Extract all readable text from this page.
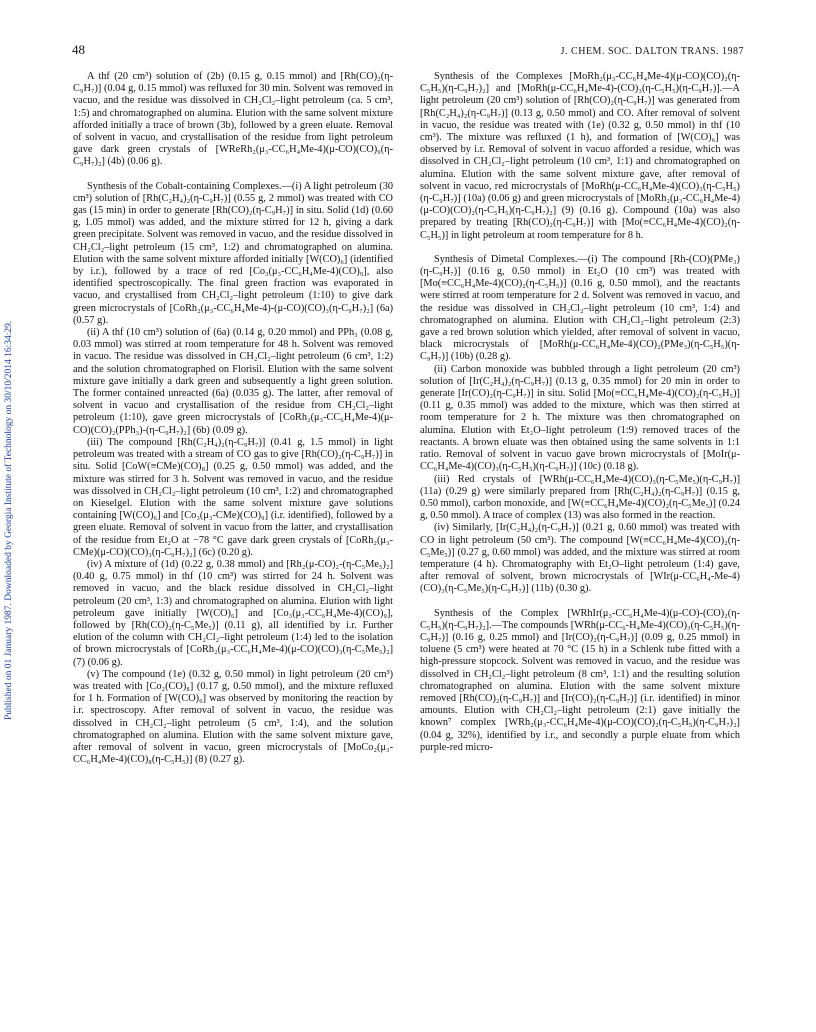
48	J. CHEM. SOC. DALTON TRANS. 1987
Published on 01 January 1987. Downloaded by Georgia Institute of Technology on 30/10/2014 16:34:29.

A thf (20 cm³) solution of (2b) (0.15 g, 0.15 mmol) and [Rh(CO)₂(η-C₉H₇)] (0.04 g, 0.15 mmol) was refluxed for 30 min. Solvent was removed in vacuo, and the residue was dissolved in CH₂Cl₂–light petroleum (ca. 5 cm³, 1:5) and chromatographed on alumina. Elution with the same solvent mixture afforded initially a trace of brown (3b), followed by a green eluate. Removal of solvent in vacuo, and crystallisation of the residue from light petroleum gave dark green crystals of [WReRh₂(μ₃-CC₆H₄Me-4)(μ-CO)(CO)₉(η-C₉H₇)₂] (4b) (0.06 g).

Synthesis of the Cobalt-containing Complexes.—(i) A light petroleum (30 cm³) solution of [Rh(C₂H₄)₂(η-C₉H₇)] (0.55 g, 2 mmol) was treated with CO gas (15 min) in order to generate [Rh(CO)₂(η-C₉H₇)] in situ. Solid (1d) (0.60 g, 1.05 mmol) was added, and the mixture stirred for 12 h, giving a dark green precipitate. Solvent was removed in vacuo, and the residue dissolved in CH₂Cl₂–light petroleum (15 cm³, 1:2) and chromatographed on alumina. Elution with the same solvent mixture afforded initially [W(CO)₆] (identified by i.r.), followed by a trace of red [Co₃(μ₃-CC₆H₄Me-4)(CO)₉], also identified spectroscopically. The final green fraction was evaporated in vacuo, and crystallised from CH₂Cl₂–light petroleum (1:10) to give dark green microcrystals of [CoRh₂(μ₃-CC₆H₄Me-4)-(μ-CO)(CO)₃(η-C₉H₇)₂] (6a) (0.57 g).

(ii) A thf (10 cm³) solution of (6a) (0.14 g, 0.20 mmol) and PPh₃ (0.08 g, 0.03 mmol) was stirred at room temperature for 48 h. Solvent was removed in vacuo. The residue was dissolved in CH₂Cl₂–light petroleum (6 cm³, 1:2) and the solution chromatographed on Florisil. Elution with the same solvent mixture gave initially a dark green and subsequently a light green solution. The former contained unreacted (6a) (0.035 g). The latter, after removal of solvent in vacuo and crystallisation of the residue from CH₂Cl₂–light petroleum (1:10), gave green microcrystals of [CoRh₂(μ₃-CC₆H₄Me-4)(μ-CO)(CO)₂(PPh₃)-(η-C₉H₇)₂] (6b) (0.09 g).

(iii) The compound [Rh(C₂H₄)₂(η-C₉H₇)] (0.41 g, 1.5 mmol) in light petroleum was treated with a stream of CO gas to give [Rh(CO)₂(η-C₉H₇)] in situ. Solid [CoW(≡CMe)(CO)₈] (0.25 g, 0.50 mmol) was added, and the mixture was stirred for 3 h. Solvent was removed in vacuo, and the residue was dissolved in CH₂Cl₂–light petroleum (10 cm³, 1:2) and chromatographed on Kieselgel. Elution with the same solvent mixture gave solutions containing [W(CO)₆] and [Co₃(μ₃-CMe)(CO)₉] (i.r. identified), followed by a green eluate. Removal of solvent in vacuo from the latter, and crystallisation of the residue from Et₂O at −78 °C gave dark green crystals of [CoRh₂(μ₃-CMe)(μ-CO)(CO)₃(η-C₉H₇)₂] (6c) (0.20 g).

(iv) A mixture of (1d) (0.22 g, 0.38 mmol) and [Rh₂(μ-CO)₂-(η-C₅Me₅)₂] (0.40 g, 0.75 mmol) in thf (10 cm³) was stirred for 24 h. Solvent was removed in vacuo, and the black residue dissolved in CH₂Cl₂–light petroleum (20 cm³, 1:3) and chromatographed on alumina. Elution with light petroleum gave initially [W(CO)₆] and [Co₃(μ₃-CC₆H₄Me-4)(CO)₉], followed by [Rh(CO)₂(η-C₅Me₅)] (0.11 g), all identified by i.r. Further elution of the column with CH₂Cl₂–light petroleum (1:4) led to the isolation of brown microcrystals of [CoRh₂(μ₃-CC₆H₄Me-4)(μ-CO)(CO)₃(η-C₅Me₅)₂] (7) (0.06 g).

(v) The compound (1e) (0.32 g, 0.50 mmol) in light petroleum (20 cm³) was treated with [Co₂(CO)₈] (0.17 g, 0.50 mmol), and the mixture refluxed for 1 h. Formation of [W(CO)₆] was observed by monitoring the reaction by i.r. spectroscopy. After removal of solvent in vacuo, the residue was dissolved in CH₂Cl₂–light petroleum (5 cm³, 1:4), and the solution chromatographed on alumina. Elution with the same solvent mixture gave, after removal of solvent in vacuo, green microcrystals of [MoCo₂(μ₃-CC₆H₄Me-4)(CO)₈(η-C₅H₅)] (8) (0.27 g).

Synthesis of the Complexes [MoRh₂(μ₃-CC₆H₄Me-4)(μ-CO)(CO)₂(η-C₅H₅)(η-C₉H₇)₂] and [MoRh(μ-CC₆H₄Me-4)-(CO)₃(η-C₅H₅)(η-C₉H₇)].—A light petroleum (20 cm³) solution of [Rh(CO)₂(η-C₉H₇)] was generated from [Rh(C₂H₄)₂(η-C₉H₇)] (0.13 g, 0.50 mmol) and CO. After removal of solvent in vacuo, the residue was treated with (1e) (0.32 g, 0.50 mmol) in thf (10 cm³). The mixture was refluxed (1 h), and formation of [W(CO)₆] was observed by i.r. Removal of solvent in vacuo afforded a residue, which was dissolved in CH₂Cl₂–light petroleum (10 cm³, 1:1) and chromatographed on alumina. Elution with the same solvent mixture gave, after removal of solvent in vacuo, red microcrystals of [MoRh(μ-CC₆H₄Me-4)(CO)₃(η-C₅H₅)(η-C₉H₇)] (10a) (0.06 g) and green microcrystals of [MoRh₂(μ₃-CC₆H₄Me-4)(μ-CO)(CO)₂(η-C₅H₅)(η-C₉H₇)₂] (9) (0.16 g). Compound (10a) was also prepared by treating [Rh(CO)₂(η-C₉H₇)] with [Mo(≡CC₆H₄Me-4)(CO)₂(η-C₅H₅)] in light petroleum at room temperature for 8 h.

Synthesis of Dimetal Complexes.—(i) The compound [Rh-(CO)(PMe₃)(η-C₉H₇)] (0.16 g, 0.50 mmol) in Et₂O (10 cm³) was treated with [Mo(≡CC₆H₄Me-4)(CO)₂(η-C₅H₅)] (0.16 g, 0.50 mmol), and the reactants were stirred at room temperature for 2 d. Solvent was removed in vacuo, and the residue was dissolved in CH₂Cl₂–light petroleum (10 cm³, 1:4) and chromatographed on alumina. Elution with CH₂Cl₂–light petroleum (2:3) gave a red brown solution which yielded, after removal of solvent in vacuo, black microcrystals of [MoRh(μ-CC₆H₄Me-4)(CO)₂(PMe₃)(η-C₅H₅)(η-C₉H₇)] (10b) (0.28 g).

(ii) Carbon monoxide was bubbled through a light petroleum (20 cm³) solution of [Ir(C₂H₄)₂(η-C₉H₇)] (0.13 g, 0.35 mmol) for 20 min in order to generate [Ir(CO)₂(η-C₉H₇)] in situ. Solid [Mo(≡CC₆H₄Me-4)(CO)₂(η-C₅H₅)] (0.11 g, 0.35 mmol) was added to the mixture, which was then stirred at room temperature for 2 h. The mixture was then chromatographed on alumina. Elution with Et₂O–light petroleum (1:9) removed traces of the reactants. A brown eluate was then obtained using the same solvents in 1:1 ratio. Removal of solvent in vacuo gave brown microcrystals of [MoIr(μ-CC₆H₄Me-4)(CO)₃(η-C₅H₅)(η-C₉H₇)] (10c) (0.18 g).

(iii) Red crystals of [WRh(μ-CC₆H₄Me-4)(CO)₃(η-C₅Me₅)(η-C₉H₇)] (11a) (0.29 g) were similarly prepared from [Rh(C₂H₄)₂(η-C₉H₇)] (0.15 g, 0.50 mmol), carbon monoxide, and [W(≡CC₆H₄Me-4)(CO)₂(η-C₅Me₅)] (0.24 g, 0.50 mmol). A trace of complex (13) was also formed in the reaction.

(iv) Similarly, [Ir(C₂H₄)₂(η-C₉H₇)] (0.21 g, 0.60 mmol) was treated with CO in light petroleum (50 cm³). The compound [W(≡CC₆H₄Me-4)(CO)₂(η-C₅Me₅)] (0.27 g, 0.60 mmol) was added, and the mixture was stirred at room temperature (4 h). Chromatography with Et₂O–light petroleum (1:4) gave, after removal of solvent, brown microcrystals of [WIr(μ-CC₆H₄-Me-4)(CO)₃(η-C₅Me₅)(η-C₉H₇)] (11b) (0.30 g).

Synthesis of the Complex [WRhIr(μ₃-CC₆H₄Me-4)(μ-CO)-(CO)₂(η-C₅H₅)(η-C₉H₇)₂].—The compounds [WRh(μ-CC₆-H₄Me-4)(CO)₃(η-C₅H₅)(η-C₉H₇)] (0.16 g, 0.25 mmol) and [Ir(CO)₂(η-C₉H₇)] (0.09 g, 0.25 mmol) in toluene (5 cm³) were heated at 70 °C (15 h) in a Schlenk tube fitted with a high-pressure stopcock. Solvent was removed in vacuo, and the residue was dissolved in CH₂Cl₂–light petroleum (8 cm³, 1:1) and the resulting solution chromatographed on alumina. Elution with the same solvent mixture removed [Rh(CO)₂(η-C₉H₇)] and [Ir(CO)₂(η-C₉H₇)] (i.r. identified) in minor amounts. Elution with CH₂Cl₂–light petroleum (2:1) gave initially the known⁷ complex [WRh₂(μ₃-CC₆H₄Me-4)(μ-CO)(CO)₂(η-C₅H₅)(η-C₉H₇)₂] (0.04 g, 32%), identified by i.r., and secondly a purple eluate from which purple-red micro-
